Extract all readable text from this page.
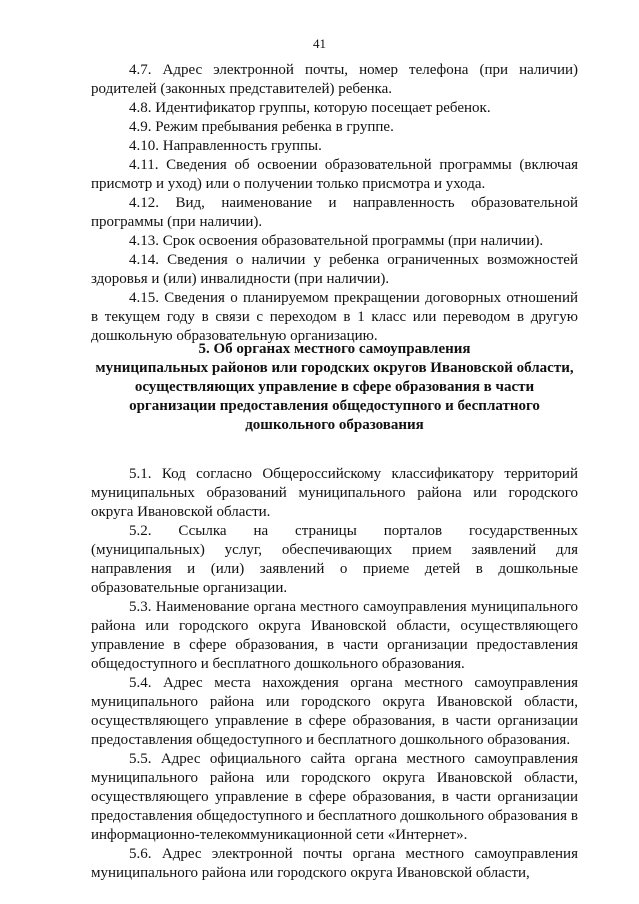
41

4.7. Адрес электронной почты, номер телефона (при наличии) родителей (законных представителей) ребенка.

4.8. Идентификатор группы, которую посещает ребенок.

4.9. Режим пребывания ребенка в группе.

4.10. Направленность группы.

4.11. Сведения об освоении образовательной программы (включая присмотр и уход) или о получении только присмотра и ухода.

4.12. Вид, наименование и направленность образовательной программы (при наличии).

4.13. Срок освоения образовательной программы (при наличии).

4.14. Сведения о наличии у ребенка ограниченных возможностей здоровья и (или) инвалидности (при наличии).

4.15. Сведения о планируемом прекращении договорных отношений в текущем году в связи с переходом в 1 класс или переводом в другую дошкольную образовательную организацию.

5. Об органах местного самоуправления

муниципальных районов или городских округов Ивановской области,

осуществляющих управление в сфере образования в части

организации предоставления общедоступного и бесплатного

дошкольного образования

5.1. Код согласно Общероссийскому классификатору территорий муниципальных образований муниципального района или городского округа Ивановской области.

5.2. Ссылка на страницы порталов государственных (муниципальных) услуг, обеспечивающих прием заявлений для направления и (или) заявлений о приеме детей в дошкольные образовательные организации.

5.3. Наименование органа местного самоуправления муниципального района или городского округа Ивановской области, осуществляющего управление в сфере образования, в части организации предоставления общедоступного и бесплатного дошкольного образования.

5.4. Адрес места нахождения органа местного самоуправления муниципального района или городского округа Ивановской области, осуществляющего управление в сфере образования, в части организации предоставления общедоступного и бесплатного дошкольного образования.

5.5. Адрес официального сайта органа местного самоуправления муниципального района или городского округа Ивановской области, осуществляющего управление в сфере образования, в части организации предоставления общедоступного и бесплатного дошкольного образования в информационно-телекоммуникационной сети «Интернет».

5.6. Адрес электронной почты органа местного самоуправления муниципального района или городского округа Ивановской области,
